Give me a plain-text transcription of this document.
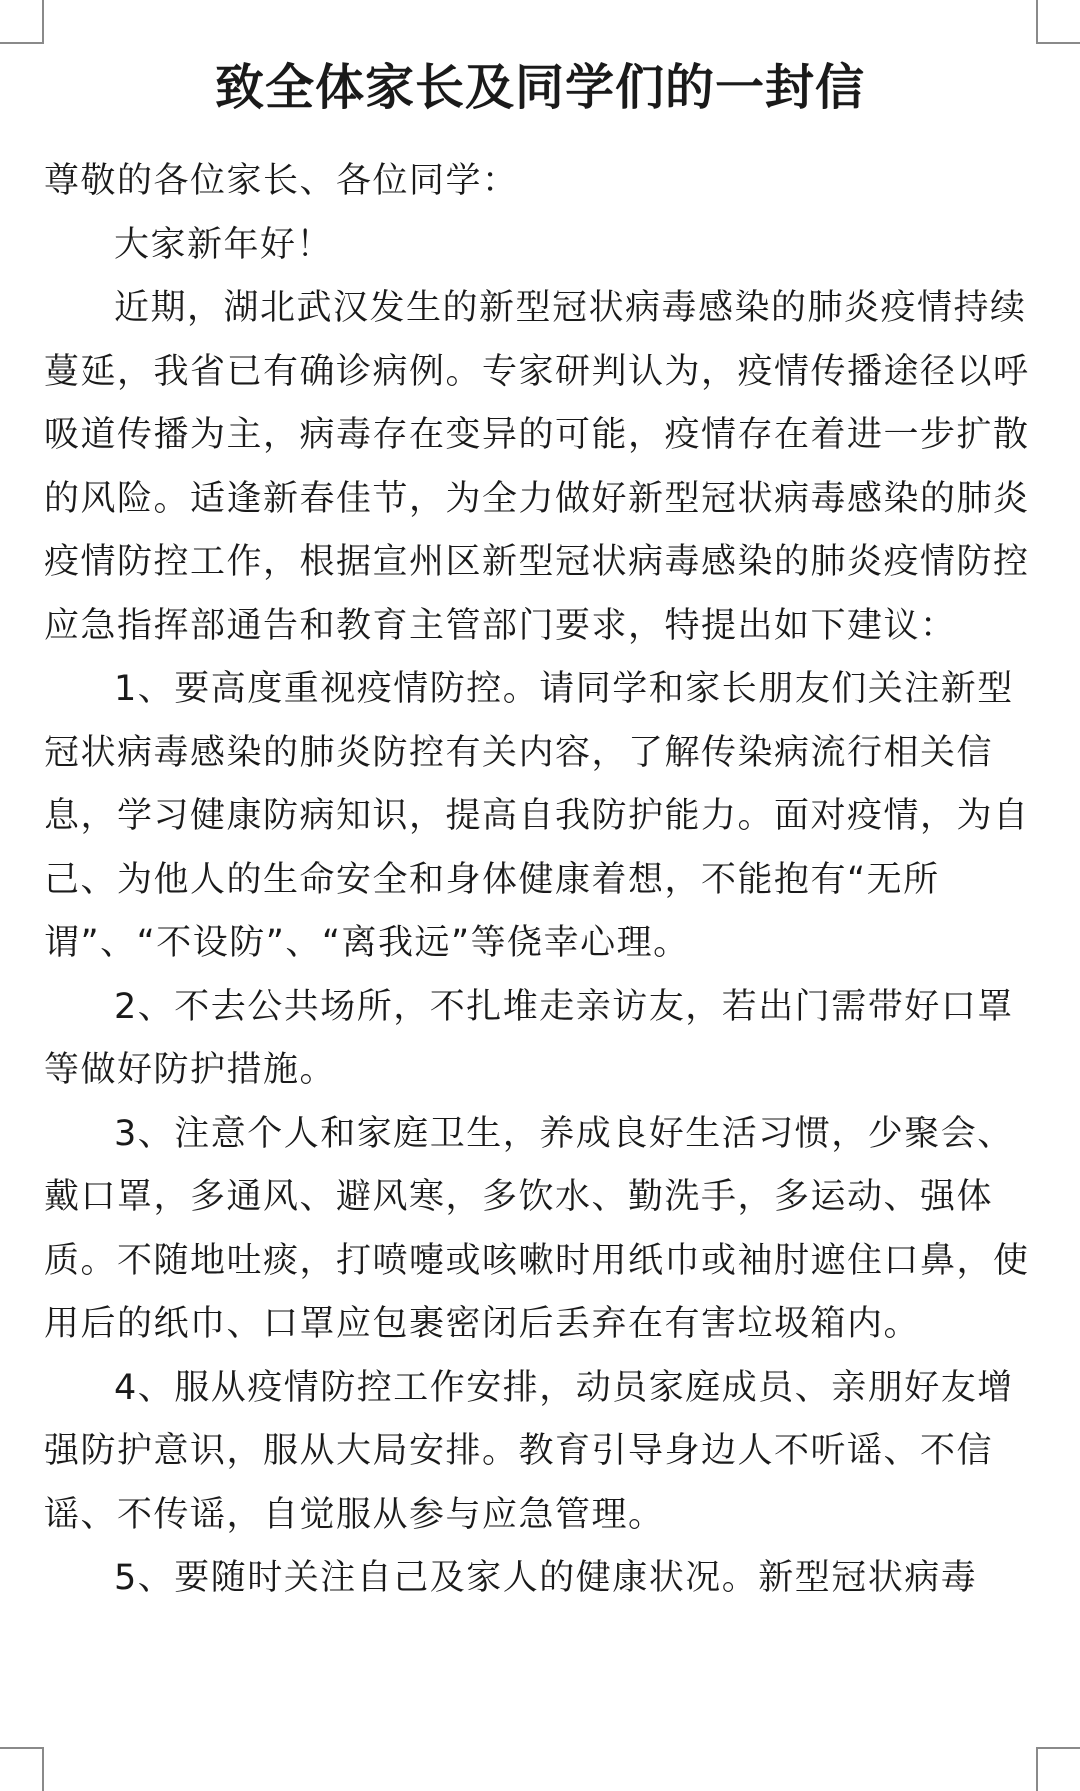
致全体家长及同学们的一封信

尊敬的各位家长、各位同学：

大家新年好！

近期，湖北武汉发生的新型冠状病毒感染的肺炎疫情持续蔓延，我省已有确诊病例。专家研判认为，疫情传播途径以呼吸道传播为主，病毒存在变异的可能，疫情存在着进一步扩散的风险。适逢新春佳节，为全力做好新型冠状病毒感染的肺炎疫情防控工作，根据宣州区新型冠状病毒感染的肺炎疫情防控应急指挥部通告和教育主管部门要求，特提出如下建议：

1、要高度重视疫情防控。请同学和家长朋友们关注新型冠状病毒感染的肺炎防控有关内容，了解传染病流行相关信息，学习健康防病知识，提高自我防护能力。面对疫情，为自己、为他人的生命安全和身体健康着想，不能抱有“无所谓”、“不设防”、“离我远”等侥幸心理。

2、不去公共场所，不扎堆走亲访友，若出门需带好口罩等做好防护措施。

3、注意个人和家庭卫生，养成良好生活习惯，少聚会、戴口罩，多通风、避风寒，多饮水、勤洗手，多运动、强体质。不随地吐痰，打喷嚏或咳嗽时用纸巾或袖肘遮住口鼻，使用后的纸巾、口罩应包裹密闭后丢弃在有害垃圾箱内。

4、服从疫情防控工作安排，动员家庭成员、亲朋好友增强防护意识，服从大局安排。教育引导身边人不听谣、不信谣、不传谣，自觉服从参与应急管理。

5、要随时关注自己及家人的健康状况。新型冠状病毒
